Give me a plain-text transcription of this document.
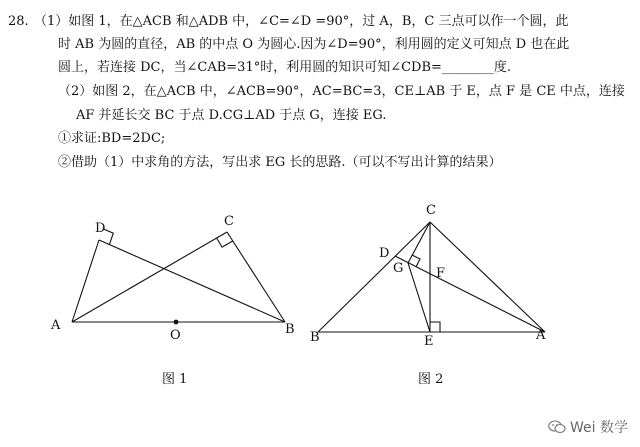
28. （1）如图 1，在△ACB 和△ADB 中，∠C=∠D =90°，过 A，B，C 三点可以作一个圆，此
时 AB 为圆的直径，AB 的中点 O 为圆心.因为∠D=90°，利用圆的定义可知点 D 也在此
圆上，若连接 DC，当∠CAB=31°时，利用圆的知识可知∠CDB=________度.
（2）如图 2，在△ACB 中，∠ACB=90°，AC=BC=3，CE⊥AB 于 E，点 F 是 CE 中点，连接
AF 并延长交 BC 于点 D.CG⊥AD 于点 G，连接 EG.
①求证:BD=2DC;
②借助（1）中求角的方法，写出求 EG 长的思路.（可以不写出计算的结果）
D	C
A	B
O
图 1
C
D
G	F
B	E	A
图 2
Wei 数学
